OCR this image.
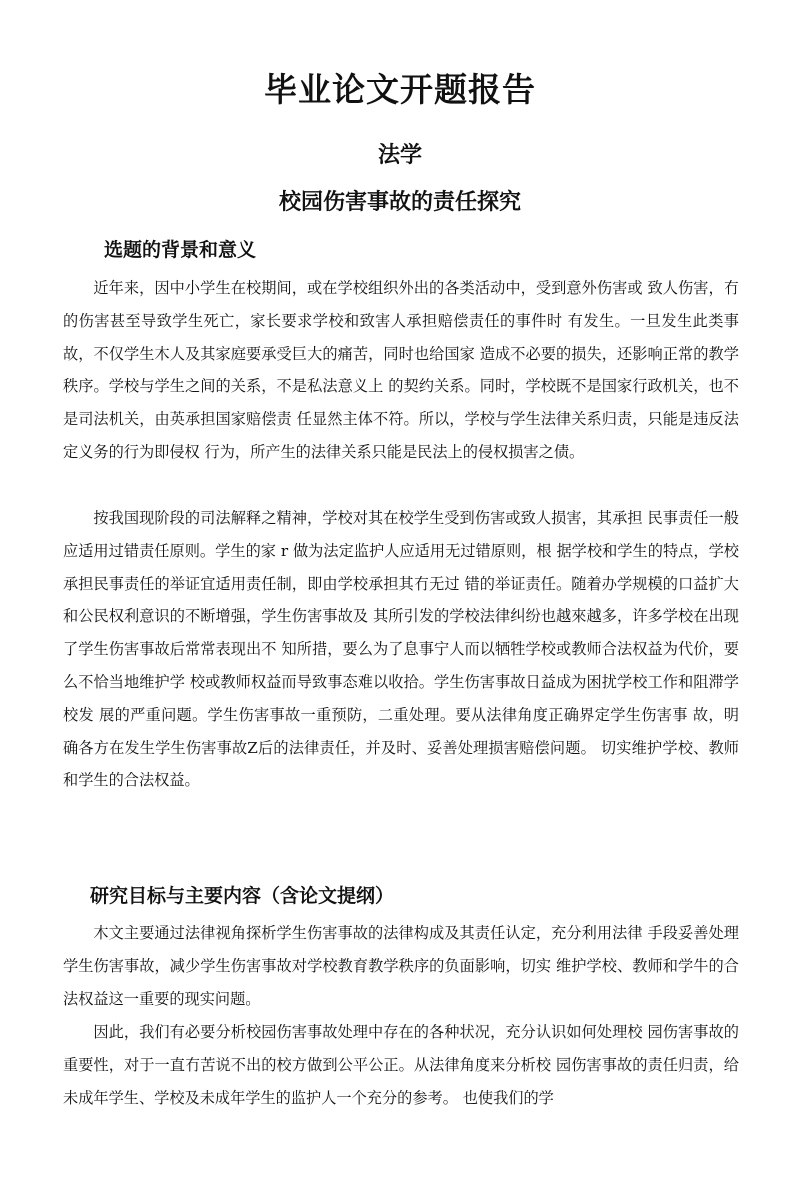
毕业论文开题报告
法学
校园伤害事故的责任探究
选题的背景和意义

近年来，因中小学生在校期间，或在学校组织外出的各类活动中，受到意外伤害或 致人伤害，冇的伤害甚至导致学生死亡，家长要求学校和致害人承担赔偿责任的事件时 有发生。一旦发生此类事故，不仅学生木人及其家庭要承受巨大的痛苦，同时也给国家 造成不必要的损失，还影响正常的教学秩序。学校与学生之间的关系，不是私法意义上 的契约关系。同时，学校既不是国家行政机关，也不是司法机关，由英承担国家赔偿责 任显然主体不符。所以，学校与学生法律关系归责，只能是违反法定义务的行为即侵权 行为，所产生的法律关系只能是民法上的侵权损害之债。

按我国现阶段的司法解释之精神，学校对其在校学生受到伤害或致人损害，其承担 民事责任一般应适用过错责任原则。学生的家 r 做为法定监护人应适用无过错原则，根 据学校和学生的特点，学校承担民事责任的举证宜适用责任制，即由学校承担其冇无过 错的举证责任。随着办学规模的口益扩大和公民权利意识的不断增强，学生伤害事故及 其所引发的学校法律纠纷也越來越多，许多学校在出现了学生伤害事故后常常表现出不 知所措，要么为了息事宁人而以牺牲学校或教师合法权益为代价，要么不恰当地维护学 校或教师权益而导致事态难以收拾。学生伤害事故日益成为困扰学校工作和阻滞学校发 展的严重问题。学生伤害事故一重预防，二重处理。要从法律角度正确界定学生伤害事 故，明确各方在发生学生伤害事故Z后的法律责任，并及时、妥善处理损害赔偿问题。 切实维护学校、教师和学生的合法权益。

研究目标与主要内容（含论文提纲）

木文主要通过法律视角探析学生伤害事故的法律构成及其责任认定，充分利用法律 手段妥善处理学生伤害事故，减少学生伤害事故对学校教育教学秩序的负面影响，切实 维护学校、教师和学牛的合法权益这一重要的现实问题。

因此，我们有必要分析校园伤害事故处理中存在的各种状况，充分认识如何处理校 园伤害事故的重要性，对于一直冇苦说不出的校方做到公平公正。从法律角度来分析校 园伤害事故的责任归责，给未成年学生、学校及未成年学生的监护人一个充分的参考。 也使我们的学
